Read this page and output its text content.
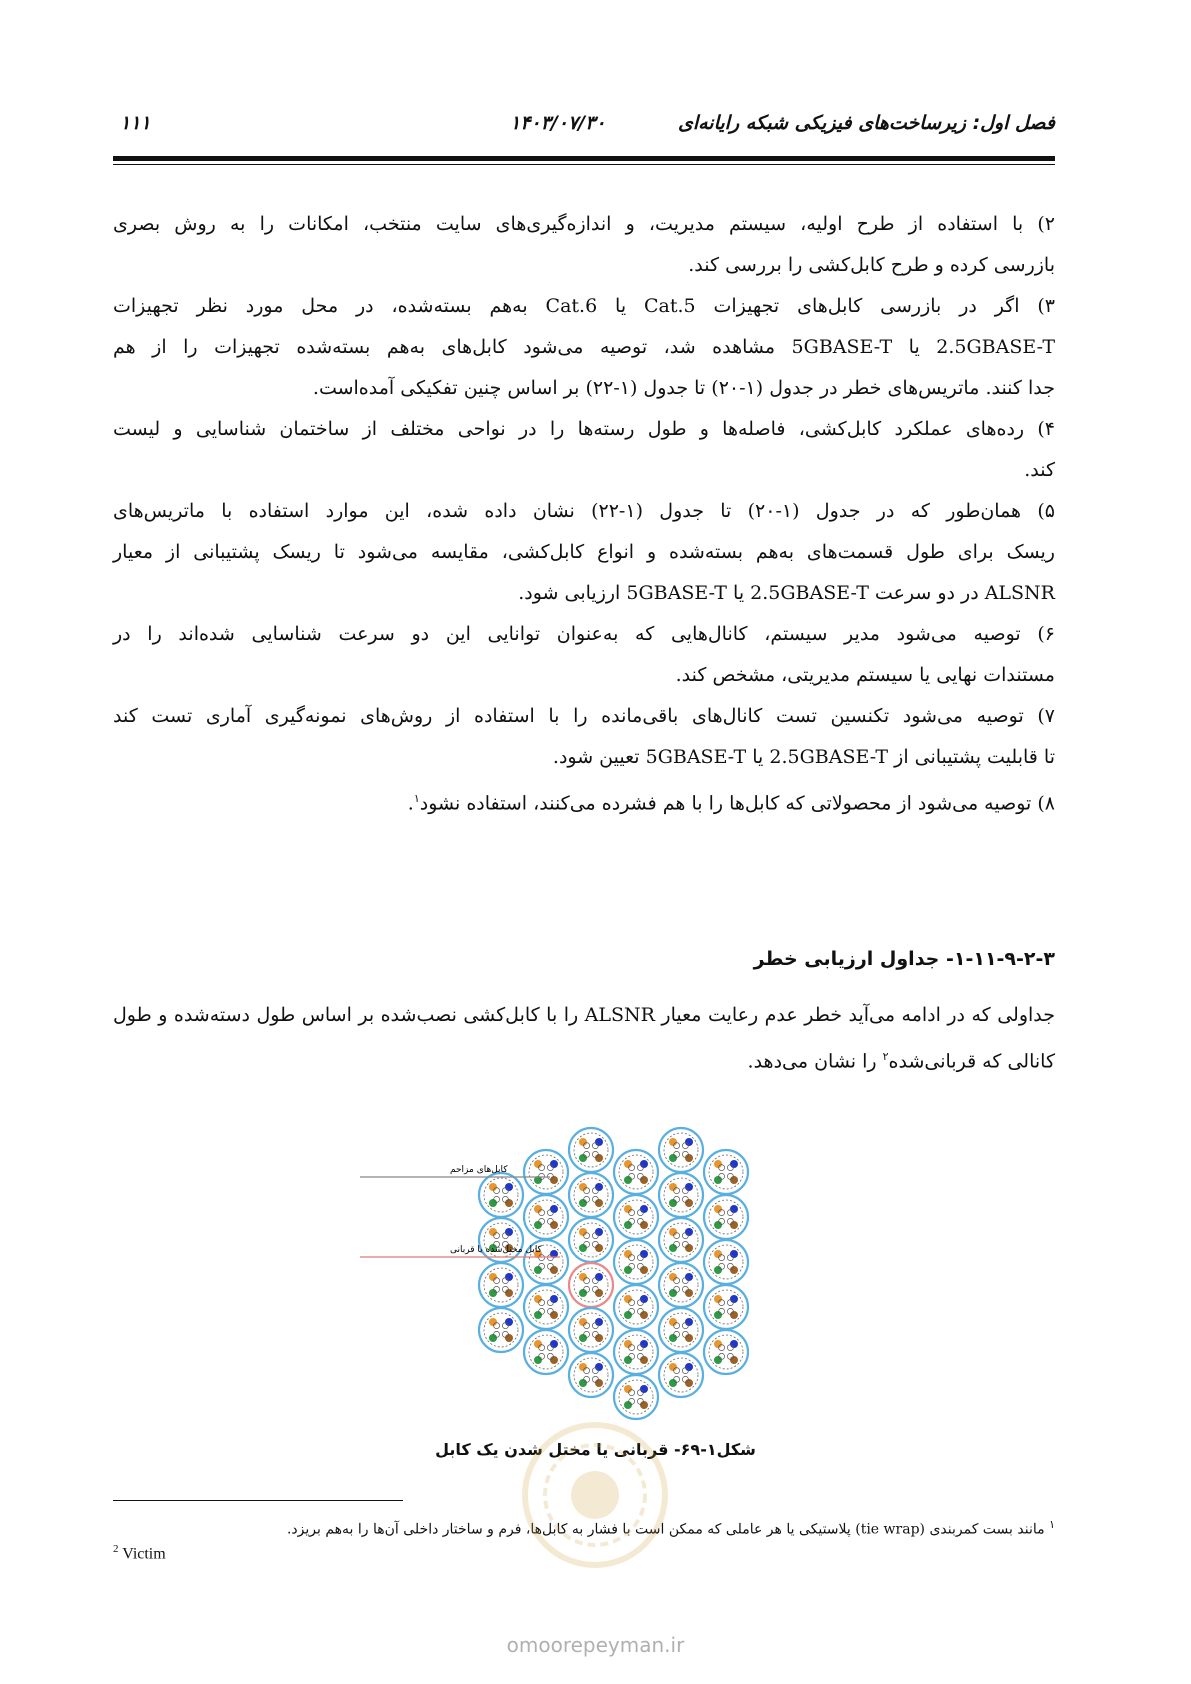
فصل اول: زیرساخت‌های فیزیکی شبکه رایانه‌ای
۱۴۰۳/۰۷/۳۰
۱۱۱
۲) با استفاده از طرح اولیه، سیستم مدیریت، و اندازه‌گیری‌های سایت منتخب، امکانات را به روش بصری
بازرسی کرده و طرح کابل‌کشی را بررسی کند.
۳) اگر در بازرسی کابل‌های تجهیزات Cat.5 یا Cat.6 به‌هم بسته‌شده، در محل مورد نظر تجهیزات
2.5GBASE-T یا 5GBASE-T مشاهده شد، توصیه می‌شود کابل‌های به‌هم بسته‌شده تجهیزات را از هم
جدا کنند. ماتریس‌های خطر در جدول (۱-۲۰) تا جدول (۱-۲۲) بر اساس چنین تفکیکی آمده‌است.
۴) رده‌های عملکرد کابل‌کشی، فاصله‌ها و طول رسته‌ها را در نواحی مختلف از ساختمان شناسایی و لیست
کند.
۵) همان‌طور که در جدول (۱-۲۰) تا جدول (۱-۲۲) نشان داده شده، این موارد استفاده با ماتریس‌های
ریسک برای طول قسمت‌های به‌هم بسته‌شده و انواع کابل‌کشی، مقایسه می‌شود تا ریسک پشتیبانی از معیار
ALSNR در دو سرعت 2.5GBASE-T یا 5GBASE-T ارزیابی شود.
۶) توصیه می‌شود مدیر سیستم، کانال‌هایی که به‌عنوان توانایی این دو سرعت شناسایی شده‌اند را در
مستندات نهایی یا سیستم مدیریتی، مشخص کند.
۷) توصیه می‌شود تکنسین تست کانال‌های باقی‌مانده را با استفاده از روش‌های نمونه‌گیری آماری تست کند
تا قابلیت پشتیبانی از 2.5GBASE-T یا 5GBASE-T تعیین شود.
۸) توصیه می‌شود از محصولاتی که کابل‌ها را با هم فشرده می‌کنند، استفاده نشود$^۱$.
۱-۱۱-۹-۲-۳- جداول ارزیابی خطر
جداولی که در ادامه می‌آید خطر عدم رعایت معیار ALSNR را با کابل‌کشی نصب‌شده بر اساس طول دسته‌شده و طول
کانالی که قربانی‌شده$^۲$ را نشان می‌دهد.
کابل‌های مزاحم
کابل مختل‌شده یا قربانی
شکل۱-۶۹- قربانی یا مختل شدن یک کابل
$^۱$ مانند بست کمربندی (tie wrap) پلاستیکی یا هر عاملی که ممکن است با فشار به کابل‌ها، فرم و ساختار داخلی آن‌ها را به‌هم بریزد.
$^2$ Victim
omoorepeyman.ir
